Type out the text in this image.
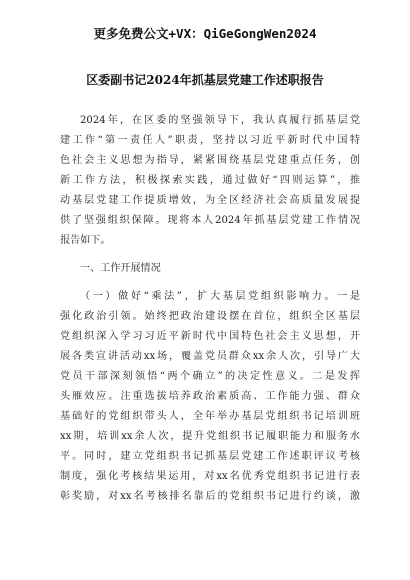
更多免费公文+VX：QiGeGongWen2024
区委副书记2024年抓基层党建工作述职报告
2024年，在区委的坚强领导下，我认真履行抓基层党
建工作“第一责任人”职责，坚持以习近平新时代中国特
色社会主义思想为指导，紧紧围绕基层党建重点任务，创
新工作方法，积极探索实践，通过做好“四则运算”，推
动基层党建工作提质增效，为全区经济社会高质量发展提
供了坚强组织保障。现将本人2024年抓基层党建工作情况
报告如下。
一、工作开展情况
（一）做好“乘法”，扩大基层党组织影响力。一是
强化政治引领。始终把政治建设摆在首位，组织全区基层
党组织深入学习习近平新时代中国特色社会主义思想，开
展各类宣讲活动xx场，覆盖党员群众xx余人次，引导广大
党员干部深刻领悟“两个确立”的决定性意义。二是发挥
头雁效应。注重选拔培养政治素质高、工作能力强、群众
基础好的党组织带头人，全年举办基层党组织书记培训班
xx期，培训xx余人次，提升党组织书记履职能力和服务水
平。同时，建立党组织书记抓基层党建工作述职评议考核
制度，强化考核结果运用，对xx名优秀党组织书记进行表
彰奖励，对xx名考核排名靠后的党组织书记进行约谈，激
